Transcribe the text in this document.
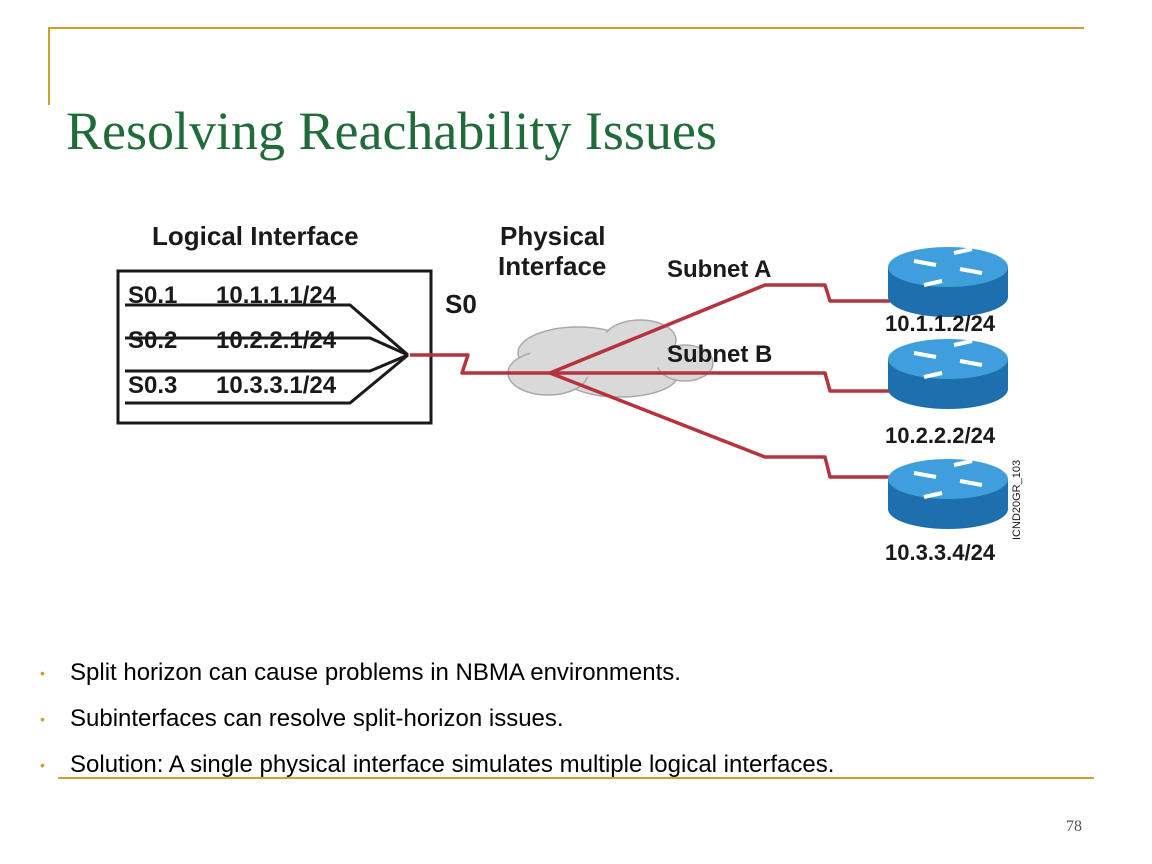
Resolving Reachability Issues
Logical Interface
S0.1 10.1.1.1/24
S0.2 10.2.2.1/24
S0.3 10.3.3.1/24
Physical
Interface
S0
Subnet A
Subnet B
10.1.1.2/24
10.2.2.2/24
10.3.3.4/24
ICND20GR_103
• Split horizon can cause problems in NBMA environments.
• Subinterfaces can resolve split-horizon issues.
• Solution: A single physical interface simulates multiple logical interfaces.
78
